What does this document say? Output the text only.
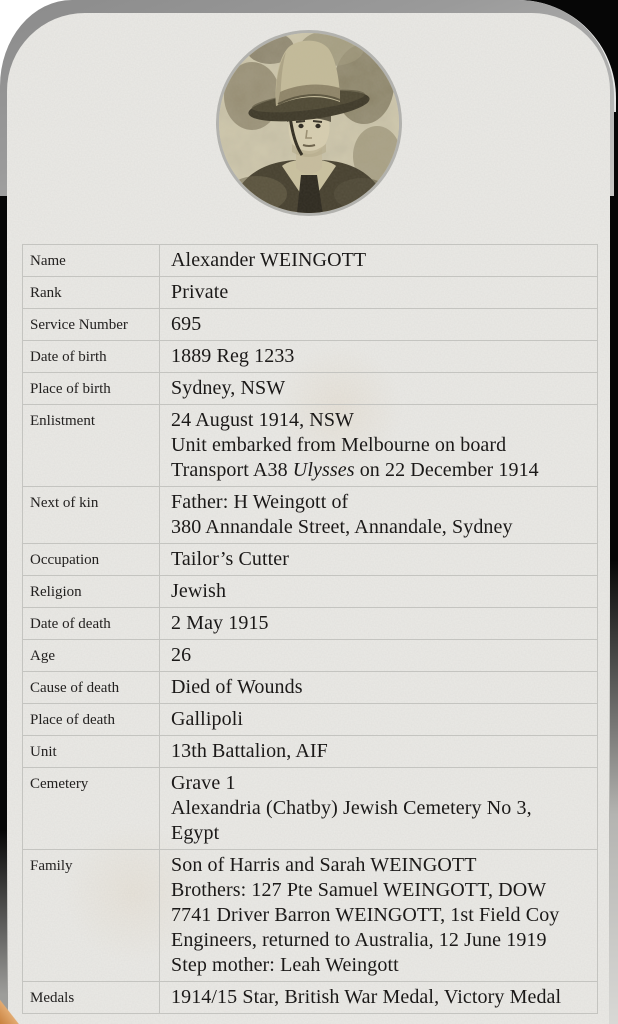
Name	Alexander WEINGOTT
Rank	Private
Service Number	695
Date of birth	1889 Reg 1233
Place of birth	Sydney, NSW
Enlistment	24 August 1914, NSW
Unit embarked from Melbourne on board
Transport A38 Ulysses on 22 December 1914
Next of kin	Father: H Weingott of
380 Annandale Street, Annandale, Sydney
Occupation	Tailor’s Cutter
Religion	Jewish
Date of death	2 May 1915
Age	26
Cause of death	Died of Wounds
Place of death	Gallipoli
Unit	13th Battalion, AIF
Cemetery	Grave 1
Alexandria (Chatby) Jewish Cemetery No 3,
Egypt
Family	Son of Harris and Sarah WEINGOTT
Brothers: 127 Pte Samuel WEINGOTT, DOW
7741 Driver Barron WEINGOTT, 1st Field Coy
Engineers, returned to Australia, 12 June 1919
Step mother: Leah Weingott
Medals	1914/15 Star, British War Medal, Victory Medal
